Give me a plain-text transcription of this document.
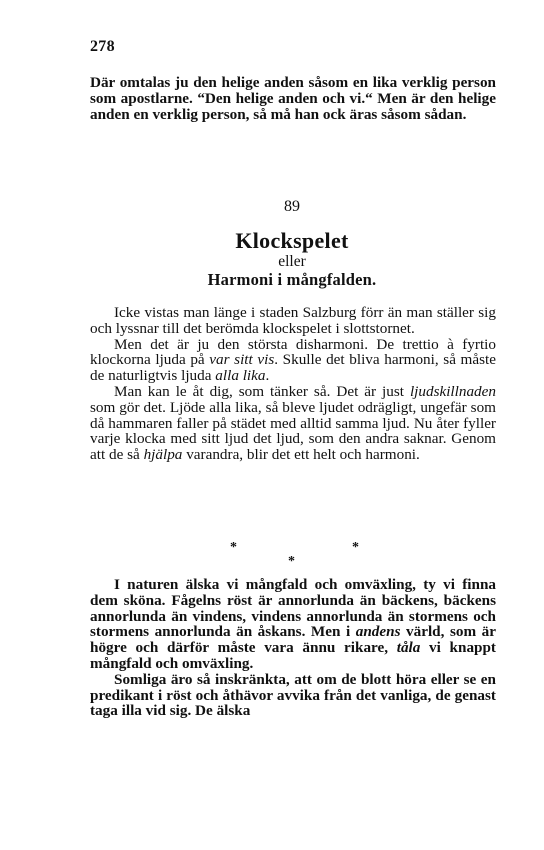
278

Där omtalas ju den helige anden såsom en lika verklig person som apostlarne. “Den helige anden och vi.“ Men är den helige anden en verklig person, så må han ock äras såsom sådan.

89
Klockspelet
eller
Harmoni i mångfalden.

Icke vistas man länge i staden Salzburg förr än man ställer sig och lyssnar till det berömda klockspelet i slottstornet.

Men det är ju den största disharmoni. De trettio à fyrtio klockorna ljuda på var sitt vis. Skulle det bliva harmoni, så måste de naturligtvis ljuda alla lika.

Man kan le åt dig, som tänker så. Det är just ljudskillnaden som gör det. Ljöde alla lika, så bleve ljudet odrägligt, ungefär som då hammaren faller på städet med alltid samma ljud. Nu åter fyller varje klocka med sitt ljud det ljud, som den andra saknar. Genom att de så hjälpa varandra, blir det ett helt och harmoni.

*
*
*

I naturen älska vi mångfald och omväxling, ty vi finna dem sköna. Fågelns röst är annorlunda än bäckens, bäckens annorlunda än vindens, vindens annorlunda än stormens och stormens annorlunda än åskans. Men i andens värld, som är högre och därför måste vara ännu rikare, tåla vi knappt mångfald och omväxling.

Somliga äro så inskränkta, att om de blott höra eller se en predikant i röst och åthävor avvika från det vanliga, de genast taga illa vid sig. De älska
